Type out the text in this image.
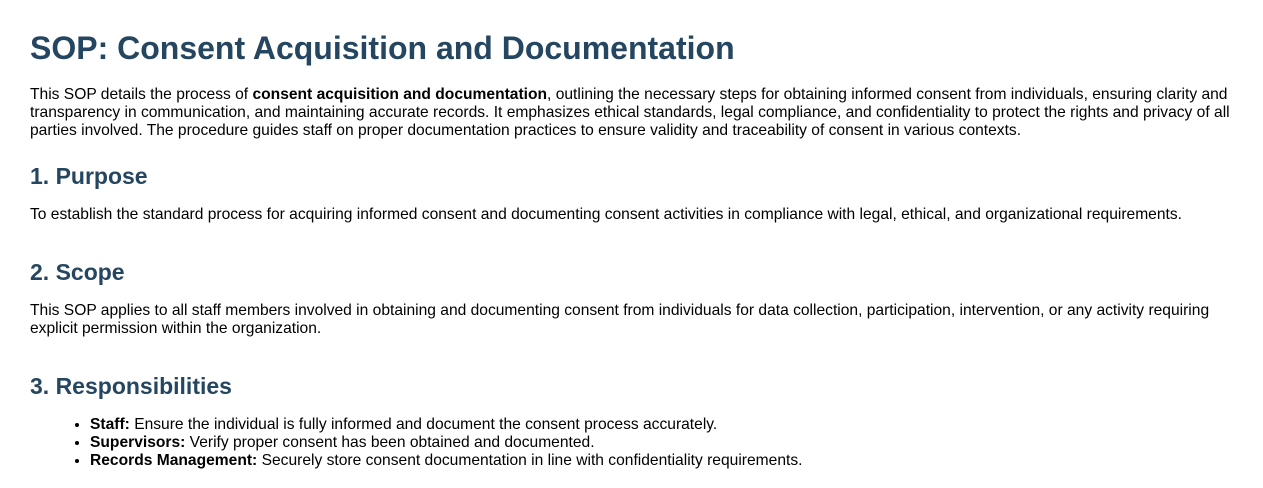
SOP: Consent Acquisition and Documentation

This SOP details the process of consent acquisition and documentation, outlining the necessary steps for obtaining informed consent from individuals, ensuring clarity and transparency in communication, and maintaining accurate records. It emphasizes ethical standards, legal compliance, and confidentiality to protect the rights and privacy of all parties involved. The procedure guides staff on proper documentation practices to ensure validity and traceability of consent in various contexts.

1. Purpose

To establish the standard process for acquiring informed consent and documenting consent activities in compliance with legal, ethical, and organizational requirements.

2. Scope

This SOP applies to all staff members involved in obtaining and documenting consent from individuals for data collection, participation, intervention, or any activity requiring explicit permission within the organization.

3. Responsibilities
• Staff: Ensure the individual is fully informed and document the consent process accurately.
• Supervisors: Verify proper consent has been obtained and documented.
• Records Management: Securely store consent documentation in line with confidentiality requirements.
